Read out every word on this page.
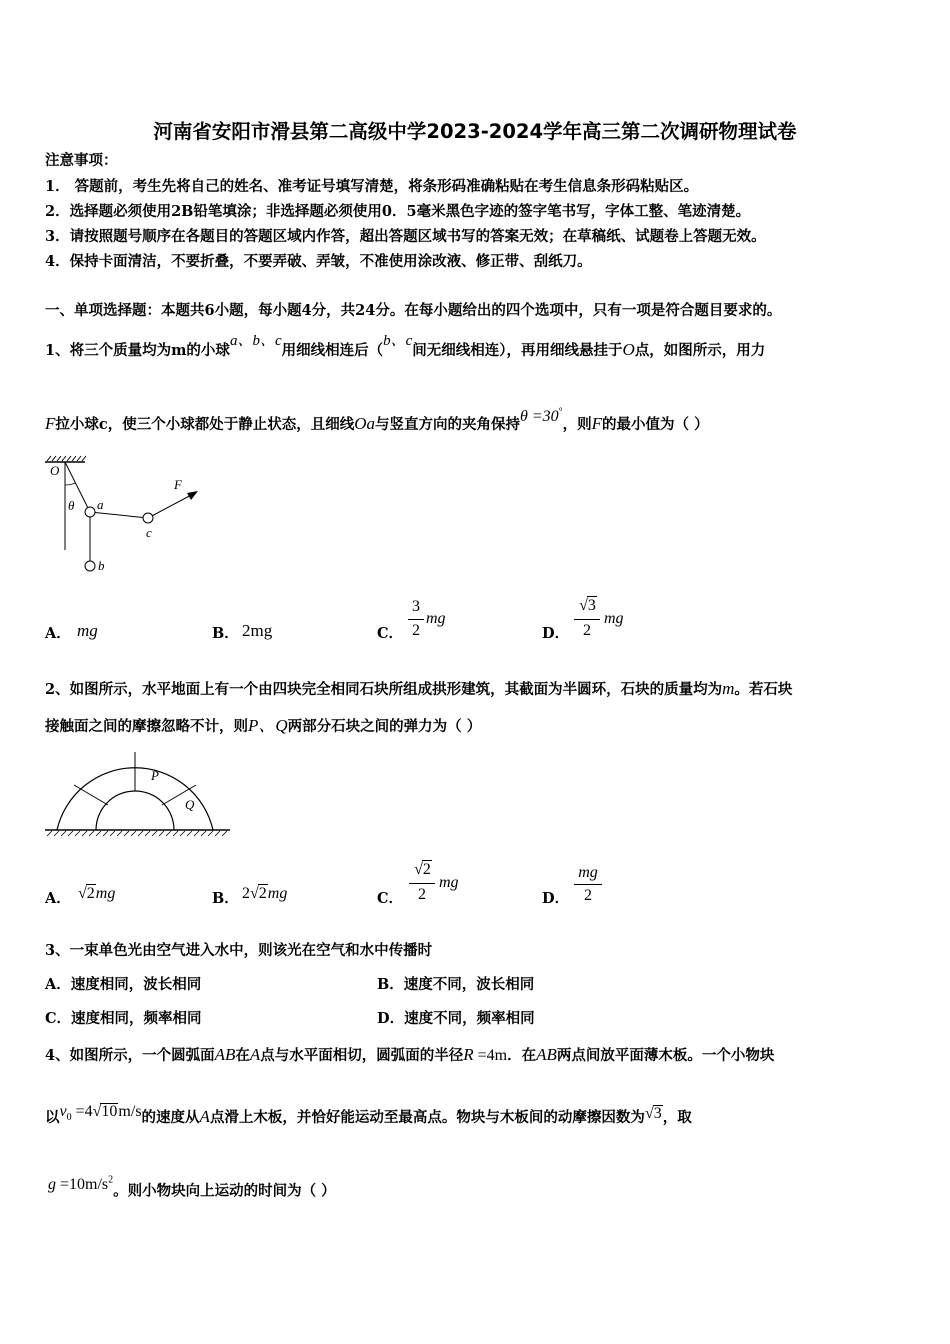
河南省安阳市滑县第二高级中学2023-2024学年高三第二次调研物理试卷
注意事项：
1． 答题前，考生先将自己的姓名、准考证号填写清楚，将条形码准确粘贴在考生信息条形码粘贴区。
2．选择题必须使用2B铅笔填涂；非选择题必须使用0．5毫米黑色字迹的签字笔书写，字体工整、笔迹清楚。
3．请按照题号顺序在各题目的答题区域内作答，超出答题区域书写的答案无效；在草稿纸、试题卷上答题无效。
4．保持卡面清洁，不要折叠，不要弄破、弄皱，不准使用涂改液、修正带、刮纸刀。
一、单项选择题：本题共6小题，每小题4分，共24分。在每小题给出的四个选项中，只有一项是符合题目要求的。
1、将三个质量均为m的小球a、b、c用细线相连后（b、c间无细线相连），再用细线悬挂于O点，如图所示，用力
F拉小球c，使三个小球都处于静止状态，且细线Oa与竖直方向的夹角保持θ =30°，则F的最小值为（ ）
O
θ a
b
c
F
A． mg	B． 2mg	C．
3
2
mg
D．
√3
2
mg
2、如图所示，水平地面上有一个由四块完全相同石块所组成拱形建筑，其截面为半圆环，石块的质量均为m。若石块
接触面之间的摩擦忽略不计，则P、Q两部分石块之间的弹力为（ ）
P
Q
A． √2mg	B． 2√2mg	C．
√2
2
mg
D．
mg
2
3、一束单色光由空气进入水中，则该光在空气和水中传播时
A．速度相同，波长相同	B．速度不同，波长相同
C．速度相同，频率相同	D．速度不同，频率相同
4、如图所示，一个圆弧面AB在A点与水平面相切，圆弧面的半径R =4m．在AB两点间放平面薄木板。一个小物块
以$v_0 =4√10m/s$的速度从A点滑上木板，并恰好能运动至最高点。物块与木板间的动摩擦因数为√3，取
$g =10m/s^2$。则小物块向上运动的时间为（ ）
